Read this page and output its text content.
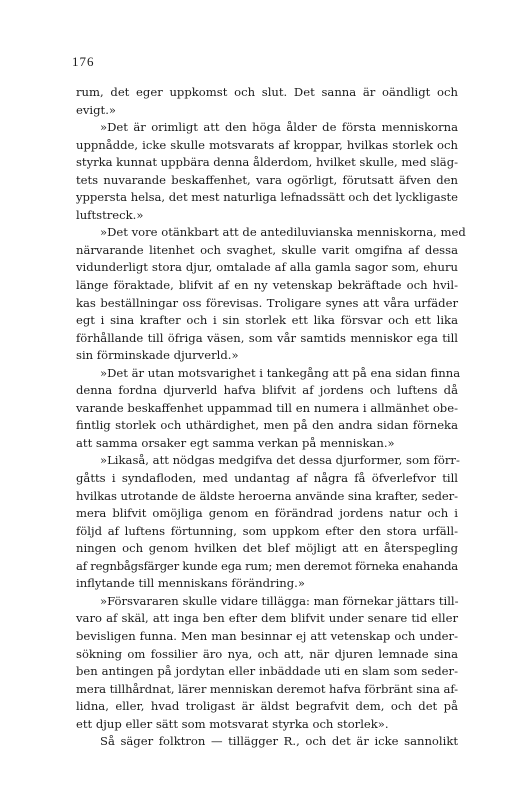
176
rum, det eger uppkomst och slut. Det sanna är oändligt och
evigt.»
»Det är orimligt att den höga ålder de första menniskorna
uppnådde, icke skulle motsvarats af kroppar, hvilkas storlek och
styrka kunnat uppbära denna ålderdom, hvilket skulle, med släg-
tets nuvarande beskaffenhet, vara ogörligt, förutsatt äfven den
yppersta helsa, det mest naturliga lefnadssätt och det lyckligaste
luftstreck.»
»Det vore otänkbart att de antediluvianska menniskorna, med
närvarande litenhet och svaghet, skulle varit omgifna af dessa
vidunderligt stora djur, omtalade af alla gamla sagor som, ehuru
länge föraktade, blifvit af en ny vetenskap bekräftade och hvil-
kas beställningar oss förevisas. Troligare synes att våra urfäder
egt i sina krafter och i sin storlek ett lika försvar och ett lika
förhållande till öfriga väsen, som vår samtids menniskor ega till
sin förminskade djurverld.»
»Det är utan motsvarighet i tankegång att på ena sidan finna
denna fordna djurverld hafva blifvit af jordens och luftens då
varande beskaffenhet uppammad till en numera i allmänhet obe-
fintlig storlek och uthärdighet, men på den andra sidan förneka
att samma orsaker egt samma verkan på menniskan.»
»Likaså, att nödgas medgifva det dessa djurformer, som förr-
gåtts i syndafloden, med undantag af några få öfverlefvor till
hvilkas utrotande de äldste heroerna använde sina krafter, seder-
mera blifvit omöjliga genom en förändrad jordens natur och i
följd af luftens förtunning, som uppkom efter den stora urfäll-
ningen och genom hvilken det blef möjligt att en återspegling
af regnbågsfärger kunde ega rum; men deremot förneka enahanda
inflytande till menniskans förändring.»
»Försvararen skulle vidare tillägga: man förnekar jättars till-
varo af skäl, att inga ben efter dem blifvit under senare tid eller
bevisligen funna. Men man besinnar ej att vetenskap och under-
sökning om fossilier äro nya, och att, när djuren lemnade sina
ben antingen på jordytan eller inbäddade uti en slam som seder-
mera tillhårdnat, lärer menniskan deremot hafva förbränt sina af-
lidna, eller, hvad troligast är äldst begrafvit dem, och det på
ett djup eller sätt som motsvarat styrka och storlek».
Så säger folktron — tillägger R., och det är icke sannolikt
